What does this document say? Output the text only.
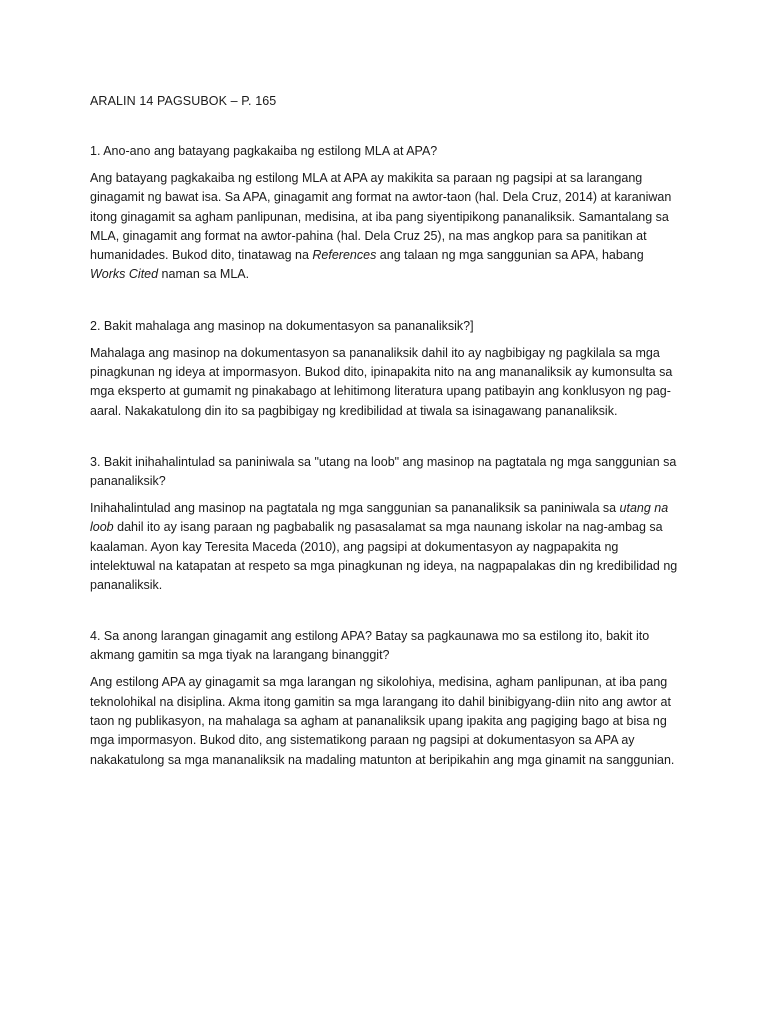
ARALIN 14 PAGSUBOK – P. 165

1. Ano-ano ang batayang pagkakaiba ng estilong MLA at APA?

Ang batayang pagkakaiba ng estilong MLA at APA ay makikita sa paraan ng pagsipi at sa larangang ginagamit ng bawat isa. Sa APA, ginagamit ang format na awtor-taon (hal. Dela Cruz, 2014) at karaniwan itong ginagamit sa agham panlipunan, medisina, at iba pang siyentipikong pananaliksik. Samantalang sa MLA, ginagamit ang format na awtor-pahina (hal. Dela Cruz 25), na mas angkop para sa panitikan at humanidades. Bukod dito, tinatawag na References ang talaan ng mga sanggunian sa APA, habang Works Cited naman sa MLA.

2. Bakit mahalaga ang masinop na dokumentasyon sa pananaliksik?]

Mahalaga ang masinop na dokumentasyon sa pananaliksik dahil ito ay nagbibigay ng pagkilala sa mga pinagkunan ng ideya at impormasyon. Bukod dito, ipinapakita nito na ang mananaliksik ay kumonsulta sa mga eksperto at gumamit ng pinakabago at lehitimong literatura upang patibayin ang konklusyon ng pag-aaral. Nakakatulong din ito sa pagbibigay ng kredibilidad at tiwala sa isinagawang pananaliksik.

3. Bakit inihahalintulad sa paniniwala sa "utang na loob" ang masinop na pagtatala ng mga sanggunian sa pananaliksik?

Inihahalintulad ang masinop na pagtatala ng mga sanggunian sa pananaliksik sa paniniwala sa utang na loob dahil ito ay isang paraan ng pagbabalik ng pasasalamat sa mga naunang iskolar na nag-ambag sa kaalaman. Ayon kay Teresita Maceda (2010), ang pagsipi at dokumentasyon ay nagpapakita ng intelektuwal na katapatan at respeto sa mga pinagkunan ng ideya, na nagpapalakas din ng kredibilidad ng pananaliksik.

4. Sa anong larangan ginagamit ang estilong APA? Batay sa pagkaunawa mo sa estilong ito, bakit ito akmang gamitin sa mga tiyak na larangang binanggit?

Ang estilong APA ay ginagamit sa mga larangan ng sikolohiya, medisina, agham panlipunan, at iba pang teknolohikal na disiplina. Akma itong gamitin sa mga larangang ito dahil binibigyang-diin nito ang awtor at taon ng publikasyon, na mahalaga sa agham at pananaliksik upang ipakita ang pagiging bago at bisa ng mga impormasyon. Bukod dito, ang sistematikong paraan ng pagsipi at dokumentasyon sa APA ay nakakatulong sa mga mananaliksik na madaling matunton at beripikahin ang mga ginamit na sanggunian.
